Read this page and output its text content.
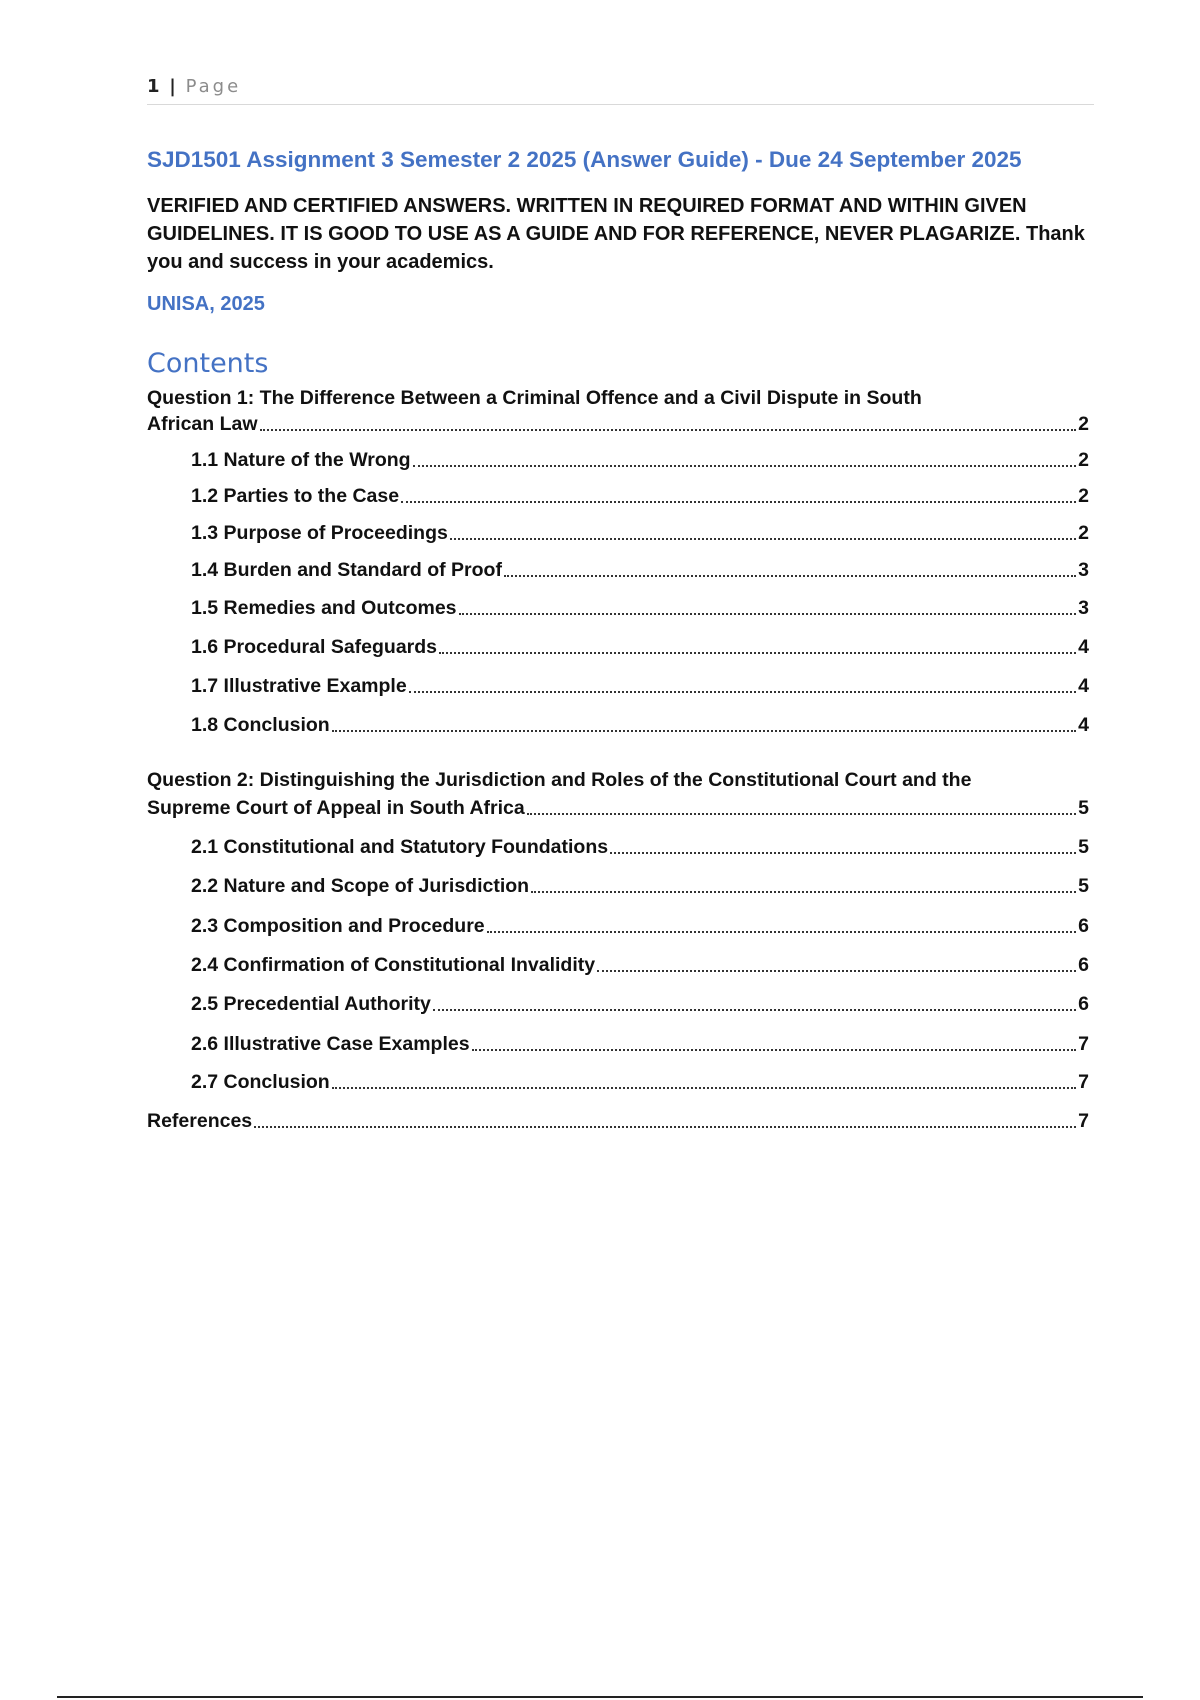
1 | Page
SJD1501 Assignment 3 Semester 2 2025 (Answer Guide) - Due 24 September 2025
VERIFIED AND CERTIFIED ANSWERS. WRITTEN IN REQUIRED FORMAT AND WITHIN GIVEN GUIDELINES. IT IS GOOD TO USE AS A GUIDE AND FOR REFERENCE, NEVER PLAGARIZE. Thank you and success in your academics.
UNISA, 2025
Contents
Question 1: The Difference Between a Criminal Offence and a Civil Dispute in South
African Law	2
1.1 Nature of the Wrong	2
1.2 Parties to the Case	2
1.3 Purpose of Proceedings	2
1.4 Burden and Standard of Proof	3
1.5 Remedies and Outcomes	3
1.6 Procedural Safeguards	4
1.7 Illustrative Example	4
1.8 Conclusion	4
Question 2: Distinguishing the Jurisdiction and Roles of the Constitutional Court and the
Supreme Court of Appeal in South Africa	5
2.1 Constitutional and Statutory Foundations	5
2.2 Nature and Scope of Jurisdiction	5
2.3 Composition and Procedure	6
2.4 Confirmation of Constitutional Invalidity	6
2.5 Precedential Authority	6
2.6 Illustrative Case Examples	7
2.7 Conclusion	7
References	7
